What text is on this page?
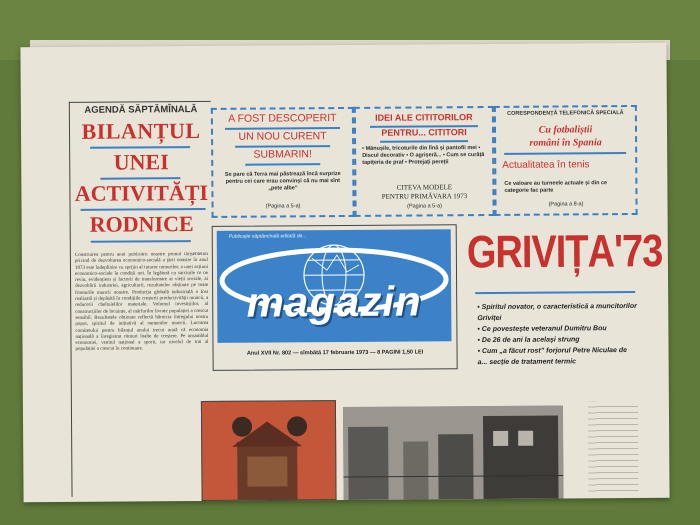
AGENDĂ SĂPTĂMÎNALĂ
BILANȚUL
UNEI
ACTIVITĂȚI
RODNICE
Construirea pentru anul publicării noastre primul tărișebletim privind de dezvoltarea economico-socială a țării noastre în anul 1973 este îndeplinire cu sprijin al tuturor ramurilor, a unei acțiuni economico-sociale în condiții noi. În legătură cu sarcinile ce ne revin, evidențiem și factorii de transformare ai vieții sociale, ai dezvoltării industriei, agriculturii, rezultatelor obținute pe toate fronturile muncii noastre. Producția globală industrială a fost realizată și depășită în condițiile creșterii productivității muncii, a reducerii cheltuielilor materiale. Volumul investițiilor, al construcțiilor de locuințe, al mărfurilor livrate populației a crescut sensibil. Rezultatele obținute reflectă hărnicia întregului nostru popor, spiritul de inițiativă al oamenilor muncii. Lucrarea comitetului pentru bilanțul anului trecut arată că economia națională a înregistrat ritmuri înalte de creștere. Pe ansamblul economiei, venitul național a sporit, iar nivelul de trai al populației a crescut în continuare.
A FOST DESCOPERIT
UN NOU CURENT
SUBMARIN!
Se pare că Terra mai păstrează încă surprize pentru cei care erau convinși că nu mai sînt „pete albe”
(Pagina a 5-a)
IDEI ALE CITITORILOR
PENTRU... CITITORI
• Mănușile, tricoturile din lînă și pantofii mei • Discul decorativ • O agrișeră... • Cum se curăță tapițeria de praf • Protejați pereții
CITEVA MODELE
PENTRU PRIMĂVARA 1973
(Pagina a 5-a)
CORESPONDENȚĂ TELEFONICĂ SPECIALĂ
Cu fotbaliștii
români în Spania
Actualitatea în tenis
Ce valoare au turneele actuale și din ce categorie fac parte
(Pagina a 8-a)
Publicație săptămînală editată de...
magazin
Anul XVII Nr. 802 — sîmbătă 17 februarie 1973 — 8 PAGINI 1,50 LEI
GRIVIȚA'73
• Spiritul novator, o caracteristică a muncitorilor Griviței
• Ce povestește veteranul Dumitru Bou
• De 26 de ani la același strung
• Cum „a făcut rost” forjorul Petre Niculae de a... secție de tratament termic
